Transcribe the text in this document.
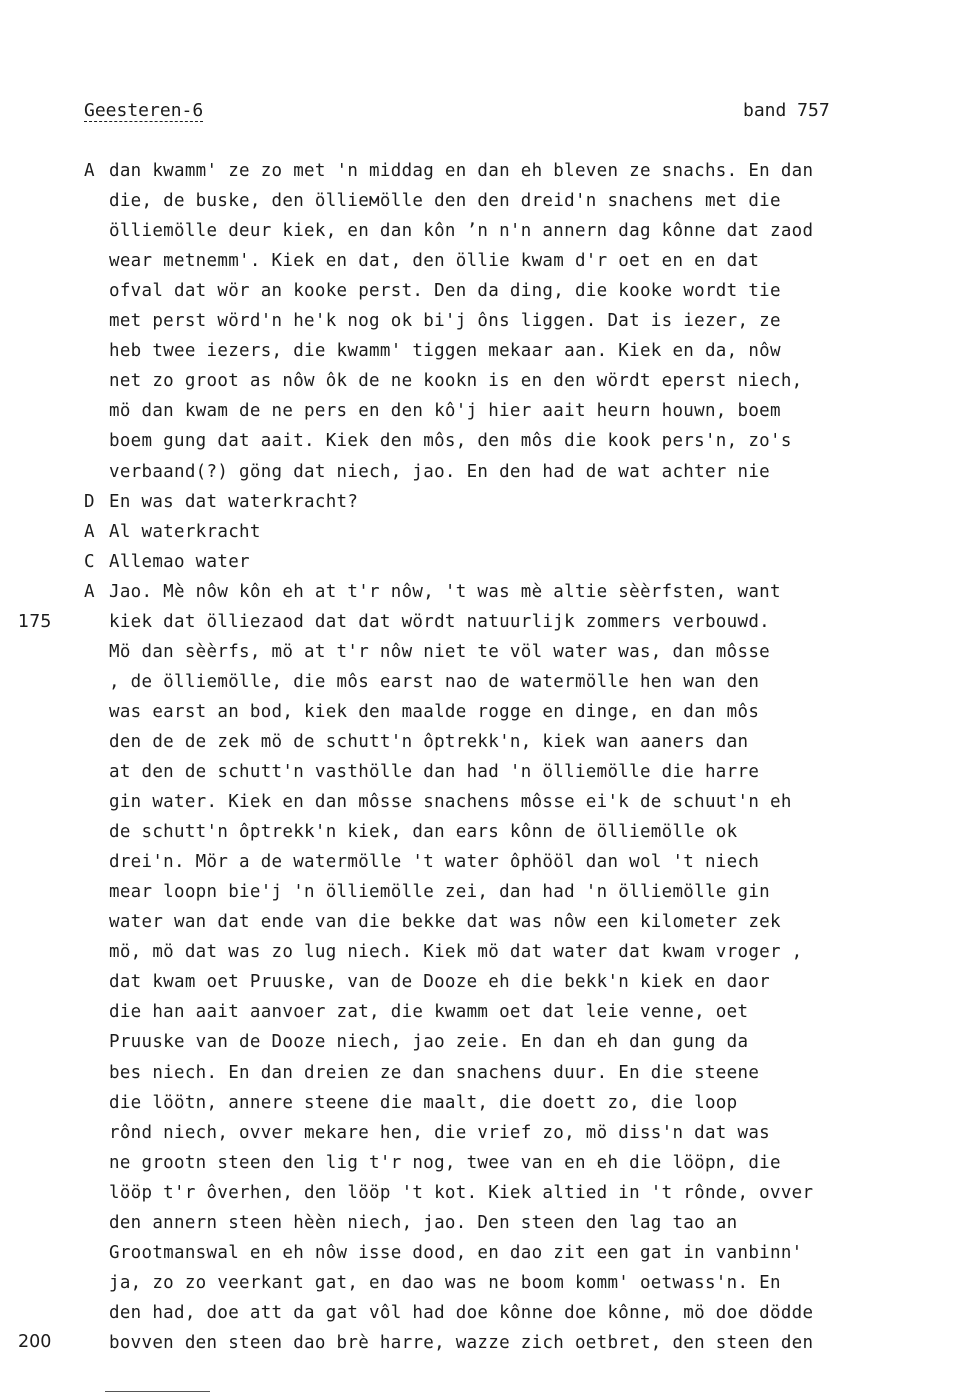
Geesteren-6	band 757
A dan kwamm' ze zo met 'n middag en dan eh bleven ze snachs. En dan
die, de buske, den öllieмölle den den dreid'n snachens met die
ölliemölle deur kiek, en dan kôn ʼn n'n annern dag kônne dat zaod
wear metnemm'. Kiek en dat, den öllie kwam d'r oet en en dat
ofval dat wör an kooke perst. Den da ding, die kooke wordt tie
met perst wörd'n he'k nog ok bi'j ôns liggen. Dat is iezer, ze
heb twee iezers, die kwamm' tiggen mekaar aan. Kiek en da, nôw
net zo groot as nôw ôk de ne kookn is en den wördt eperst niech,
mö dan kwam de ne pers en den kô'j hier aait heurn houwn, boem
boem gung dat aait. Kiek den môs, den môs die kook pers'n, zo's
verbaand(?) göng dat niech, jao. En den had de wat achter nie
D En was dat waterkracht?
A Al waterkracht
C Allemao water
A Jao. Mè nôw kôn eh at t'r nôw, 't was mè altie sèèrfsten, want
kiek dat ölliezaod dat dat wördt natuurlijk zommers verbouwd.
Mö dan sèèrfs, mö at t'r nôw niet te völ water was, dan môsse
, de ölliemölle, die môs earst nao de watermölle hen wan den
was earst an bod, kiek den maalde rogge en dinge, en dan môs
den de de zek mö de schutt'n ôptrekk'n, kiek wan aaners dan
at den de schutt'n vasthölle dan had 'n ölliemölle die harre
gin water. Kiek en dan môsse snachens môsse ei'k de schuut'n eh
de schutt'n ôptrekk'n kiek, dan ears kônn de ölliemölle ok
drei'n. Mör a de watermölle 't water ôphööl dan wol 't niech
mear loopn bie'j 'n ölliemölle zei, dan had 'n ölliemölle gin
water wan dat ende van die bekke dat was nôw een kilometer zek
mö, mö dat was zo lug niech. Kiek mö dat water dat kwam vroger ,
dat kwam oet Pruuske, van de Dooze eh die bekk'n kiek en daor
die han aait aanvoer zat, die kwamm oet dat leie venne, oet
Pruuske van de Dooze niech, jao zeie. En dan eh dan gung da
bes niech. En dan dreien ze dan snachens duur. En die steene
die löötn, annere steene die maalt, die doett zo, die loop
rônd niech, ovver mekare hen, die vrief zo, mö diss'n dat was
ne grootn steen den lig t'r nog, twee van en eh die lööpn, die
lööp t'r ôverhen, den lööp 't kot. Kiek altied in 't rônde, ovver
den annern steen hèèn niech, jao. Den steen den lag tao an
Grootmanswal en eh nôw isse dood, en dao zit een gat in vanbinn'
ja, zo zo veerkant gat, en dao was ne boom komm' oetwass'n. En
den had, doe att da gat vôl had doe kônne doe kônne, mö doe dödde
bovven den steen dao brè harre, wazze zich oetbret, den steen den
175
200
